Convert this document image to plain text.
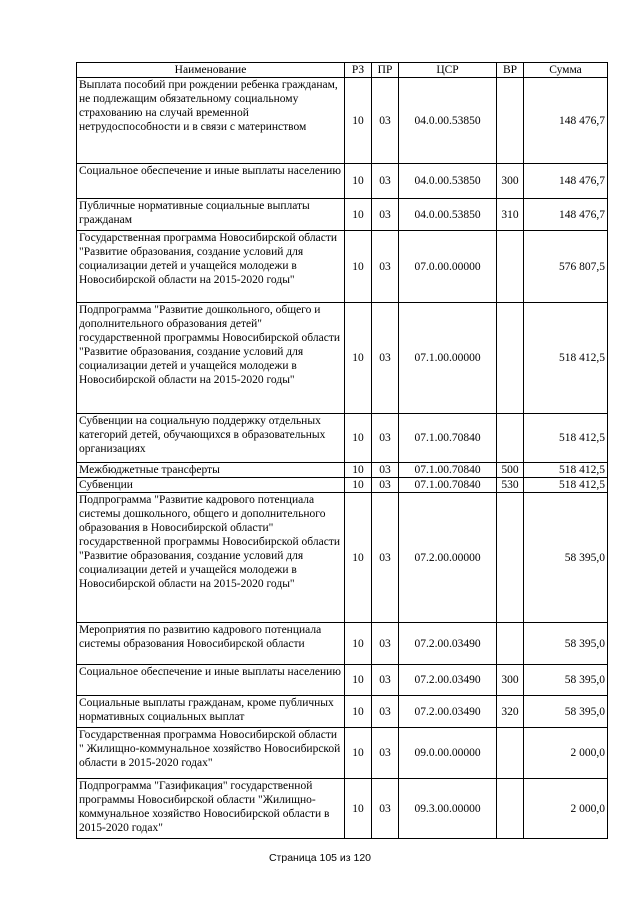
Наименование	РЗ	ПР	ЦСР	ВР	Сумма
Выплата пособий при рождении ребенка гражданам, не подлежащим обязательному социальному страхованию на случай временной нетрудоспособности и в связи с материнством	10	03	04.0.00.53850		148 476,7
Социальное обеспечение и иные выплаты населению	10	03	04.0.00.53850	300	148 476,7
Публичные нормативные социальные выплаты гражданам	10	03	04.0.00.53850	310	148 476,7
Государственная программа Новосибирской области "Развитие образования, создание условий для социализации детей и учащейся молодежи в Новосибирской области на 2015-2020 годы"	10	03	07.0.00.00000		576 807,5
Подпрограмма "Развитие дошкольного, общего и дополнительного образования детей" государственной программы Новосибирской области "Развитие образования, создание условий для социализации детей и учащейся молодежи в Новосибирской области на 2015-2020 годы"	10	03	07.1.00.00000		518 412,5
Субвенции на социальную поддержку отдельных категорий детей, обучающихся в образовательных организациях	10	03	07.1.00.70840		518 412,5
Межбюджетные трансферты	10	03	07.1.00.70840	500	518 412,5
Субвенции	10	03	07.1.00.70840	530	518 412,5
Подпрограмма "Развитие кадрового потенциала системы дошкольного, общего и дополнительного образования в Новосибирской области" государственной программы Новосибирской области "Развитие образования, создание условий для социализации детей и учащейся молодежи в Новосибирской области на 2015-2020 годы"	10	03	07.2.00.00000		58 395,0
Мероприятия по развитию кадрового потенциала системы образования Новосибирской области	10	03	07.2.00.03490		58 395,0
Социальное обеспечение и иные выплаты населению	10	03	07.2.00.03490	300	58 395,0
Социальные выплаты гражданам, кроме публичных нормативных социальных выплат	10	03	07.2.00.03490	320	58 395,0
Государственная программа Новосибирской области " Жилищно-коммунальное хозяйство Новосибирской области в 2015-2020 годах"	10	03	09.0.00.00000		2 000,0
Подпрограмма "Газификация" государственной программы Новосибирской области "Жилищно-коммунальное хозяйство Новосибирской области в 2015-2020 годах"	10	03	09.3.00.00000		2 000,0
Страница 105 из 120
